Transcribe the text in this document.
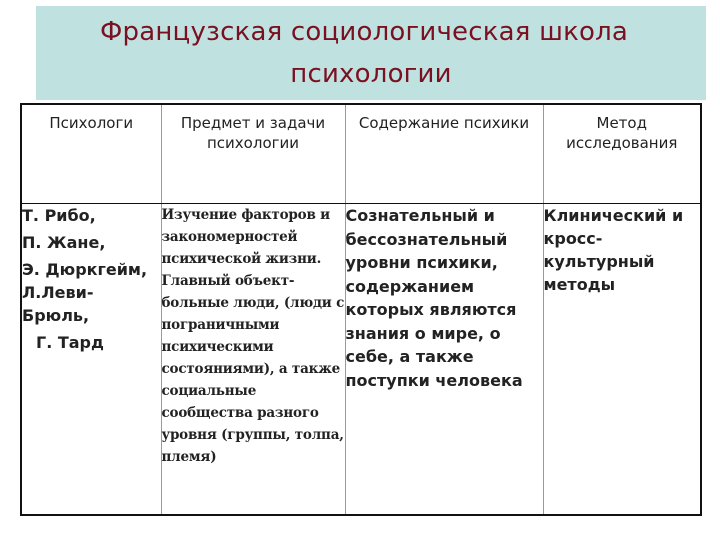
Французская социологическая школа
психологии
Психологи	Предмет и задачи психологии	Содержание психики	Метод исследования

Т. Рибо,
П. Жане,
Э. Дюркгейм, Л.Леви-Брюль,
Г. Тард	Изучение факторов и закономерностей психической жизни. Главный объект- больные люди, (люди с пограничными психическими состояниями), а также социальные сообщества разного уровня (группы, толпа, племя)	Сознательный и бессознательный уровни психики, содержанием которых являются знания о мире, о себе, а также поступки человека	Клинический и кросс-культурный методы
